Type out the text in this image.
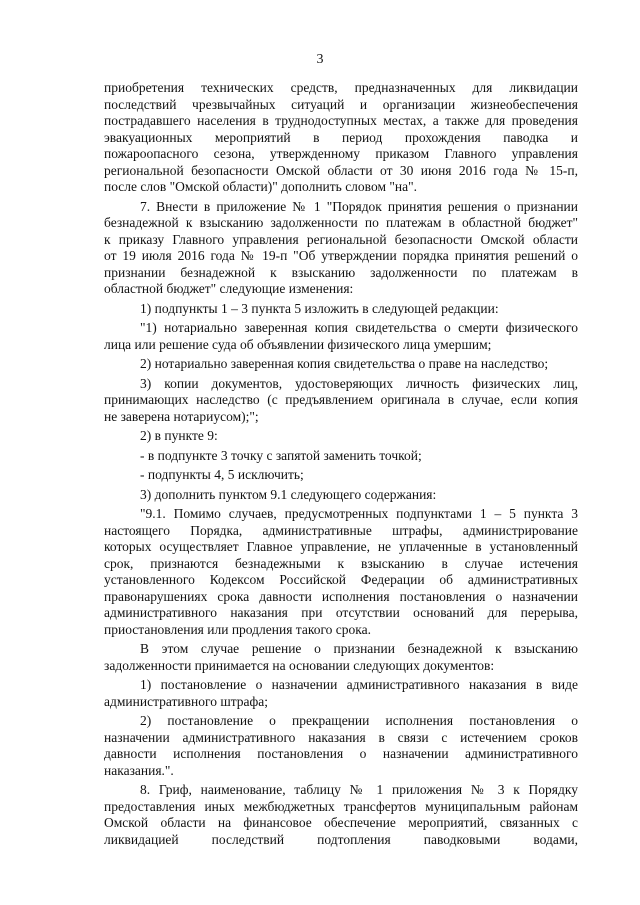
3
приобретения технических средств, предназначенных для ликвидации
последствий чрезвычайных ситуаций и организации жизнеобеспечения
пострадавшего населения в труднодоступных местах, а также для проведения
эвакуационных мероприятий в период прохождения паводка и
пожароопасного сезона, утвержденному приказом Главного управления
региональной безопасности Омской области от 30 июня 2016 года № 15-п,
после слов "Омской области)" дополнить словом "на".
7. Внести в приложение № 1 "Порядок принятия решения о признании
безнадежной к взысканию задолженности по платежам в областной бюджет"
к приказу Главного управления региональной безопасности Омской области
от 19 июля 2016 года № 19-п "Об утверждении порядка принятия решений о
признании безнадежной к взысканию задолженности по платежам в
областной бюджет" следующие изменения:
1) подпункты 1 – 3 пункта 5 изложить в следующей редакции:
"1) нотариально заверенная копия свидетельства о смерти физического
лица или решение суда об объявлении физического лица умершим;
2) нотариально заверенная копия свидетельства о праве на наследство;
3) копии документов, удостоверяющих личность физических лиц,
принимающих наследство (с предъявлением оригинала в случае, если копия
не заверена нотариусом);";
2) в пункте 9:
- в подпункте 3 точку с запятой заменить точкой;
- подпункты 4, 5 исключить;
3) дополнить пунктом 9.1 следующего содержания:
"9.1. Помимо случаев, предусмотренных подпунктами 1 – 5 пункта 3
настоящего Порядка, административные штрафы, администрирование
которых осуществляет Главное управление, не уплаченные в установленный
срок, признаются безнадежными к взысканию в случае истечения
установленного Кодексом Российской Федерации об административных
правонарушениях срока давности исполнения постановления о назначении
административного наказания при отсутствии оснований для перерыва,
приостановления или продления такого срока.
В этом случае решение о признании безнадежной к взысканию
задолженности принимается на основании следующих документов:
1) постановление о назначении административного наказания в виде
административного штрафа;
2) постановление о прекращении исполнения постановления о
назначении административного наказания в связи с истечением сроков
давности исполнения постановления о назначении административного
наказания.".
8. Гриф, наименование, таблицу № 1 приложения № 3 к Порядку
предоставления иных межбюджетных трансфертов муниципальным районам
Омской области на финансовое обеспечение мероприятий, связанных с
ликвидацией последствий подтопления паводковыми водами,
